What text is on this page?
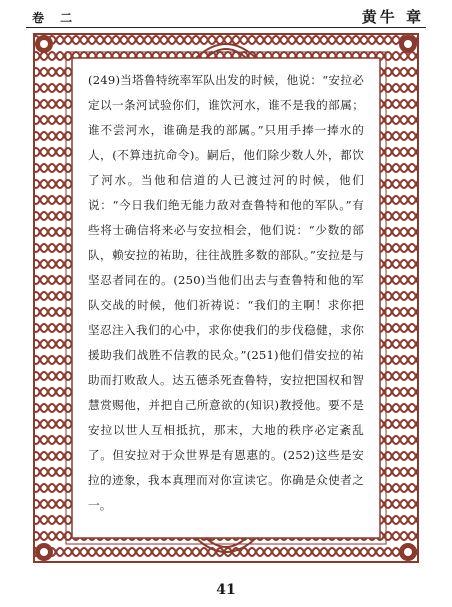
卷 二	黄牛 章

(249)当塔鲁特统率军队出发的时候，他说：“安拉必定以一条河试验你们，谁饮河水，谁不是我的部属；谁不尝河水，谁确是我的部属。”只用手捧一捧水的人，(不算违抗命令)。嗣后，他们除少数人外，都饮了河水。当他和信道的人已渡过河的时候，他们说：“今日我们绝无能力敌对查鲁特和他的军队。”有些将士确信将来必与安拉相会，他们说：“少数的部队，赖安拉的祐助，往往战胜多数的部队。”安拉是与坚忍者同在的。(250)当他们出去与查鲁特和他的军队交战的时候，他们祈祷说：“我们的主啊！求你把坚忍注入我们的心中，求你使我们的步伐稳健，求你援助我们战胜不信教的民众。”(251)他们借安拉的祐助而打败敌人。达五德杀死查鲁特，安拉把国权和智慧赏赐他，并把自己所意欲的(知识)教授他。要不是安拉以世人互相抵抗，那末，大地的秩序必定紊乱了。但安拉对于众世界是有恩惠的。(252)这些是安拉的迹象，我本真理而对你宣读它。你确是众使者之一。

41
